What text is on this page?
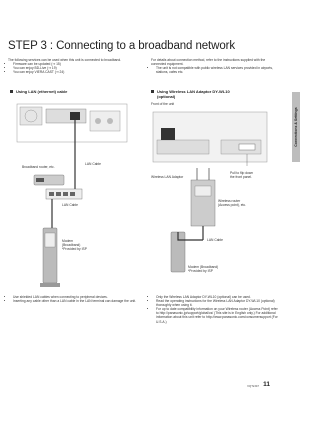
STEP 3 : Connecting to a broadband network
The following services can be used when this unit is connected to broadband.
• Firmware can be updated (⇒ 15)
• You can enjoy BD-Live (⇒ 19)
• You can enjoy VIERA CAST (⇒ 24)
For details about connection method, refer to the instructions supplied with the connected equipment.
• The unit is not compatible with public wireless LAN services provided in airports, stations, cafes etc.
Using LAN (ethernet) cable	Using Wireless LAN Adaptor DY-WL10
(optional)
LAN Cable
Broadband router, etc.
LAN Cable
Modem
(Broadband)
*Provided by ISP
Front of the unit
Wireless LAN Adaptor
Pull to flip down
the front panel.
Wireless router
(Access point), etc.
LAN Cable
Modem (Broadband)
*Provided by ISP
• Use shielded LAN cables when connecting to peripheral devices.
• Inserting any cable other than a LAN cable in the LAN terminal can damage the unit.
• Only the Wireless LAN Adaptor DY-WL10 (optional) can be used.
• Read the operating instructions for the Wireless LAN Adaptor DY-WL10 (optional) thoroughly when using it.
• For up to date compatibility information on your Wireless router (Access Point) refer to http://panasonic.jp/support/global/cs/ (This site is in English only.) For additional information about this unit refer to http://www.panasonic.com/consumersupport (For U.S.A.)
Connections & Settings
VQT2J47 11
